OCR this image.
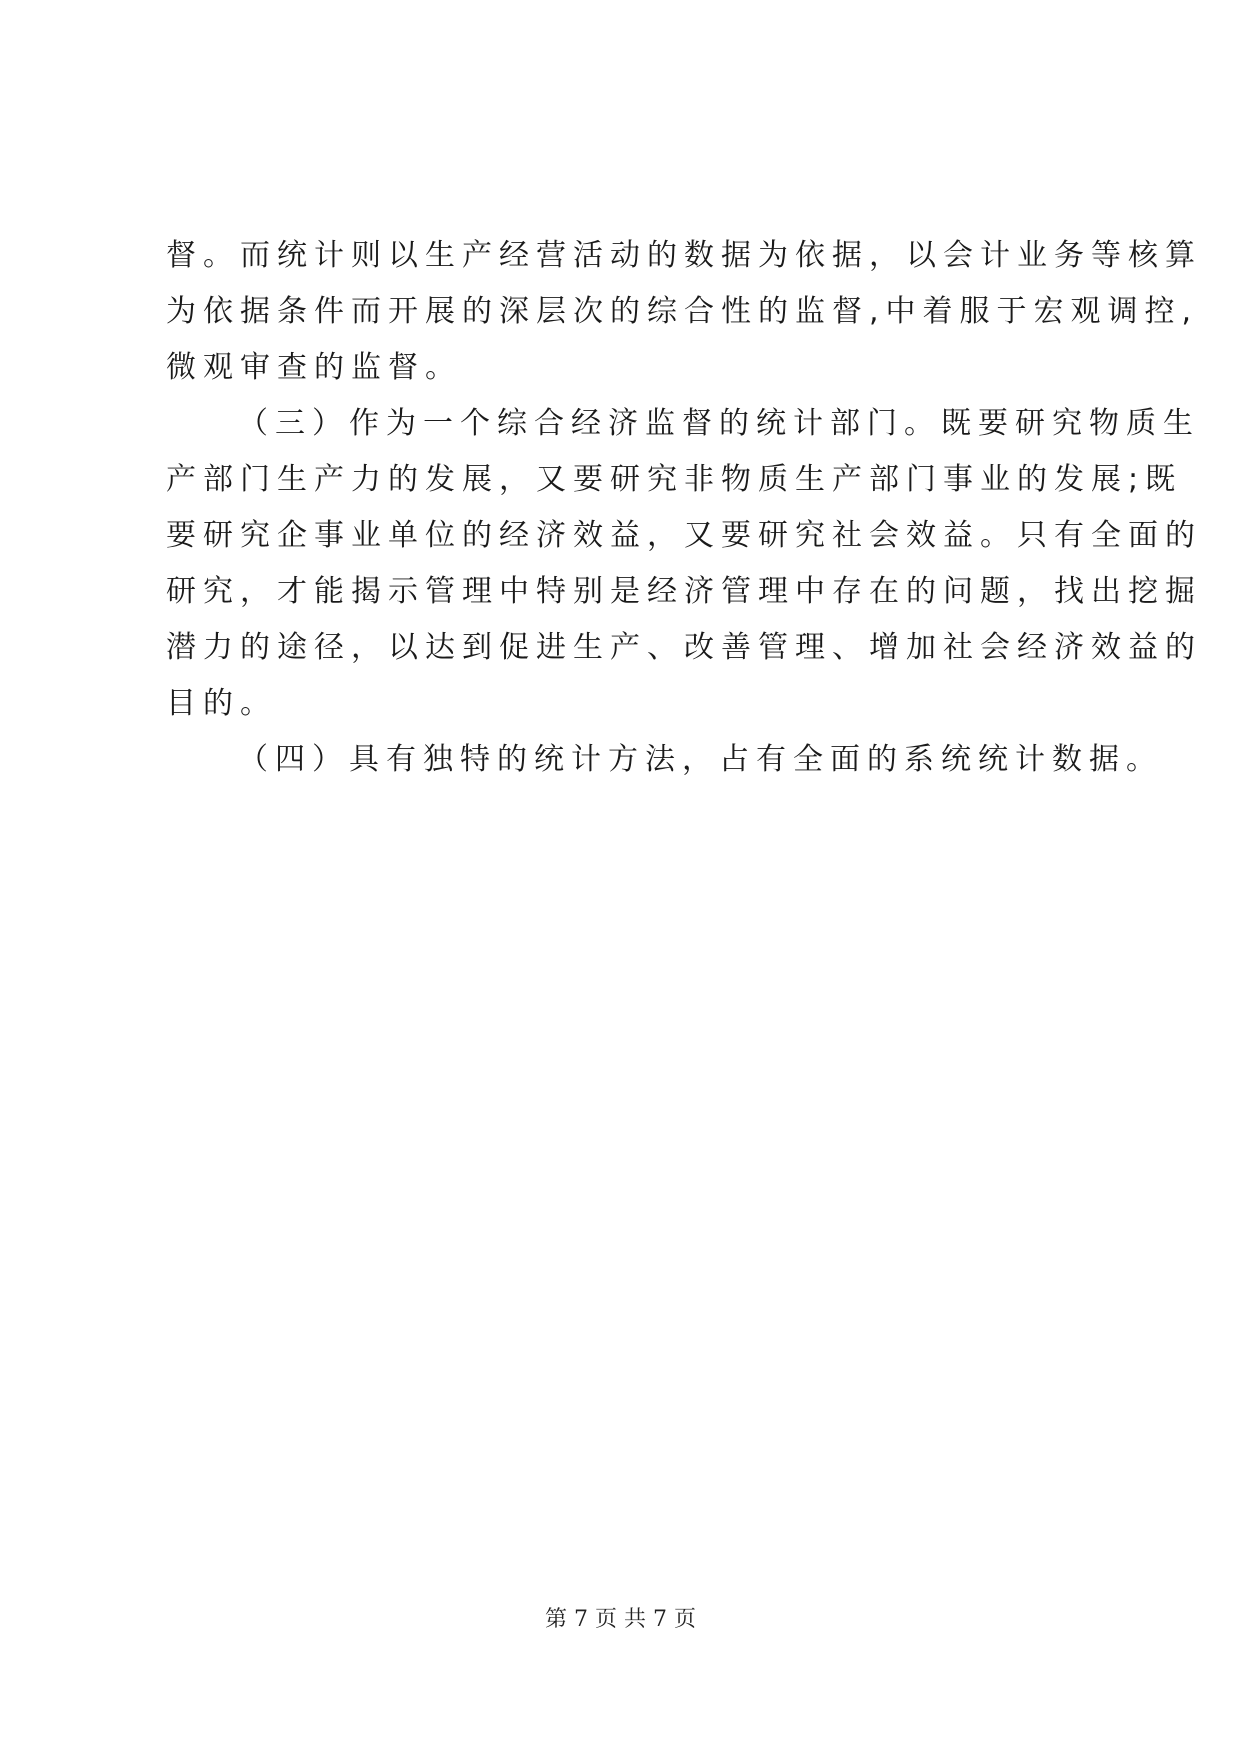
督。而统计则以生产经营活动的数据为依据，以会计业务等核算
为依据条件而开展的深层次的综合性的监督,中着服于宏观调控,
微观审查的监督。
（三）作为一个综合经济监督的统计部门。既要研究物质生
产部门生产力的发展，又要研究非物质生产部门事业的发展;既
要研究企事业单位的经济效益，又要研究社会效益。只有全面的
研究，才能揭示管理中特别是经济管理中存在的问题，找出挖掘
潜力的途径，以达到促进生产、改善管理、增加社会经济效益的
目的。
（四）具有独特的统计方法，占有全面的系统统计数据。
第 7 页 共 7 页
